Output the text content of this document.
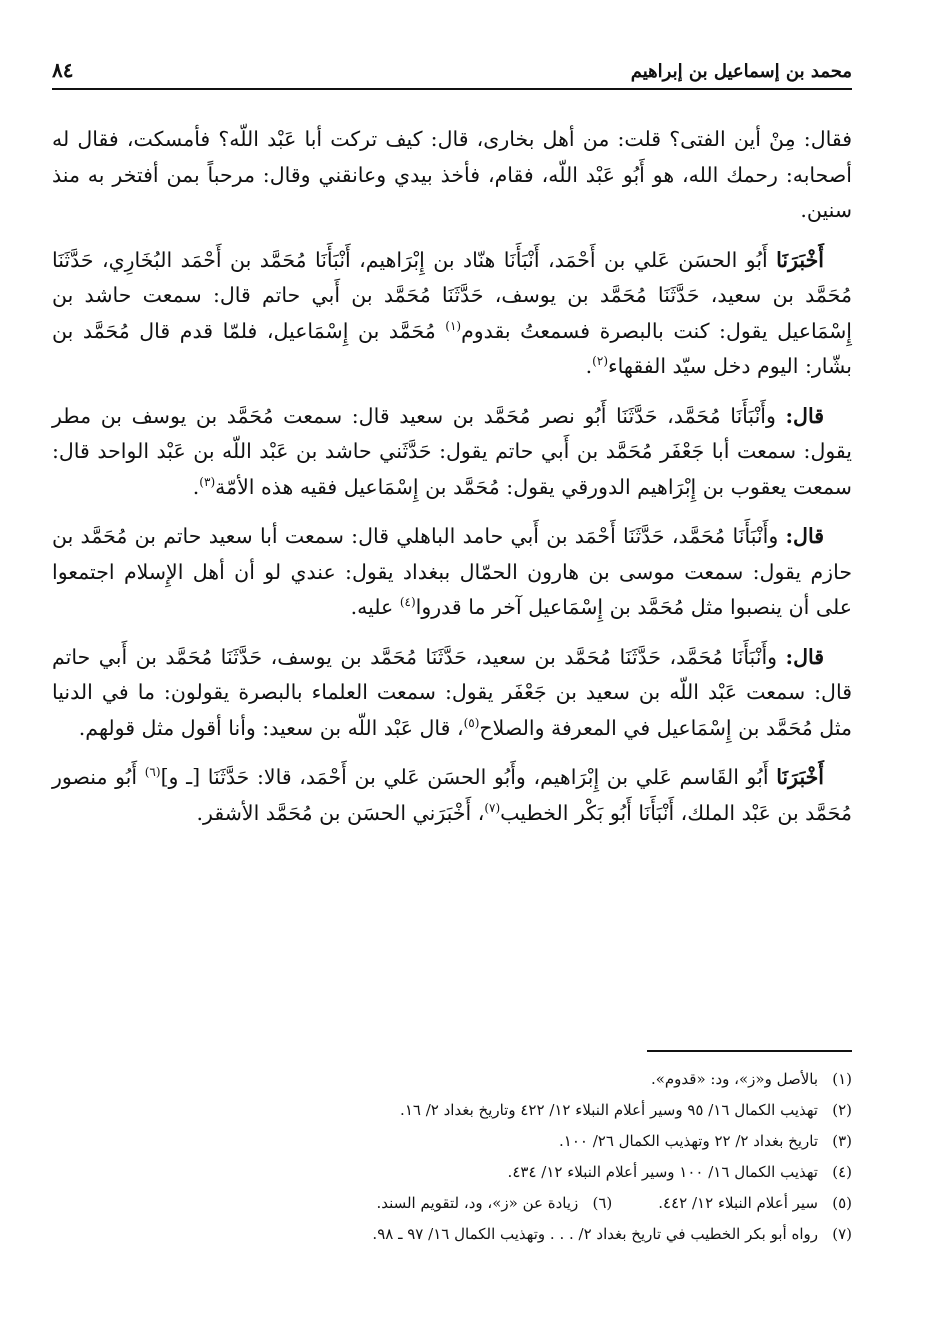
محمد بن إسماعيل بن إبراهيم
٨٤

فقال: مِنْ أين الفتى؟ قلت: من أهل بخارى، قال: كيف تركت أبا عَبْد اللّه؟ فأمسكت، فقال له أصحابه: رحمك الله، هو أَبُو عَبْد اللّه، فقام، فأخذ بيدي وعانقني وقال: مرحباً بمن أفتخر به منذ سنين.

أَخْبَرَنَا أَبُو الحسَن عَلي بن أَحْمَد، أَنْبَأَنَا هنّاد بن إِبْرَاهيم، أَنْبَأَنَا مُحَمَّد بن أَحْمَد البُخَارِي، حَدَّثَنَا مُحَمَّد بن سعيد، حَدَّثَنَا مُحَمَّد بن يوسف، حَدَّثَنَا مُحَمَّد بن أَبي حاتم قال: سمعت حاشد بن إِسْمَاعيل يقول: كنت بالبصرة فسمعتُ بقدوم$^{(١)}$ مُحَمَّد بن إِسْمَاعيل، فلمّا قدم قال مُحَمَّد بن بشّار: اليوم دخل سيّد الفقهاء$^{(٢)}$.

قال: وأَنْبَأَنَا مُحَمَّد، حَدَّثَنَا أَبُو نصر مُحَمَّد بن سعيد قال: سمعت مُحَمَّد بن يوسف بن مطر يقول: سمعت أبا جَعْفَر مُحَمَّد بن أَبي حاتم يقول: حَدَّثَني حاشد بن عَبْد اللّه بن عَبْد الواحد قال: سمعت يعقوب بن إِبْرَاهيم الدورقي يقول: مُحَمَّد بن إِسْمَاعيل فقيه هذه الأمّة$^{(٣)}$.

قال: وأَنْبَأَنَا مُحَمَّد، حَدَّثَنَا أَحْمَد بن أَبي حامد الباهلي قال: سمعت أبا سعيد حاتم بن مُحَمَّد بن حازم يقول: سمعت موسى بن هارون الحمّال ببغداد يقول: عندي لو أن أهل الإِسلام اجتمعوا على أن ينصبوا مثل مُحَمَّد بن إِسْمَاعيل آخر ما قدروا$^{(٤)}$ عليه.

قال: وأَنْبَأَنَا مُحَمَّد، حَدَّثَنَا مُحَمَّد بن سعيد، حَدَّثَنَا مُحَمَّد بن يوسف، حَدَّثَنَا مُحَمَّد بن أَبي حاتم قال: سمعت عَبْد اللّه بن سعيد بن جَعْفَر يقول: سمعت العلماء بالبصرة يقولون: ما في الدنيا مثل مُحَمَّد بن إِسْمَاعيل في المعرفة والصلاح$^{(٥)}$، قال عَبْد اللّه بن سعيد: وأنا أقول مثل قولهم.

أَخْبَرَنَا أَبُو القَاسم عَلي بن إِبْرَاهيم، وأَبُو الحسَن عَلي بن أَحْمَد، قالا: حَدَّثَنَا [ـ و]$^{(٦)}$ أَبُو منصور مُحَمَّد بن عَبْد الملك، أَنْبَأَنَا أَبُو بَكْر الخطيب$^{(٧)}$، أَخْبَرَني الحسَن بن مُحَمَّد الأشقر.

(١)
بالأصل و«ز»، ود: «قدوم».
(٢)
تهذيب الكمال ١٦/ ٩٥ وسير أعلام النبلاء ١٢/ ٤٢٢ وتاريخ بغداد ٢/ ١٦.
(٣)
تاريخ بغداد ٢/ ٢٢ وتهذيب الكمال ٢٦/ ١٠٠.
(٤)
تهذيب الكمال ١٦/ ١٠٠ وسير أعلام النبلاء ١٢/ ٤٣٤.
(٥)
سير أعلام النبلاء ١٢/ ٤٤٢.
(٦)
زيادة عن «ز»، ود، لتقويم السند.
(٧)
رواه أبو بكر الخطيب في تاريخ بغداد ٢/ . . . وتهذيب الكمال ١٦/ ٩٧ ـ ٩٨.
